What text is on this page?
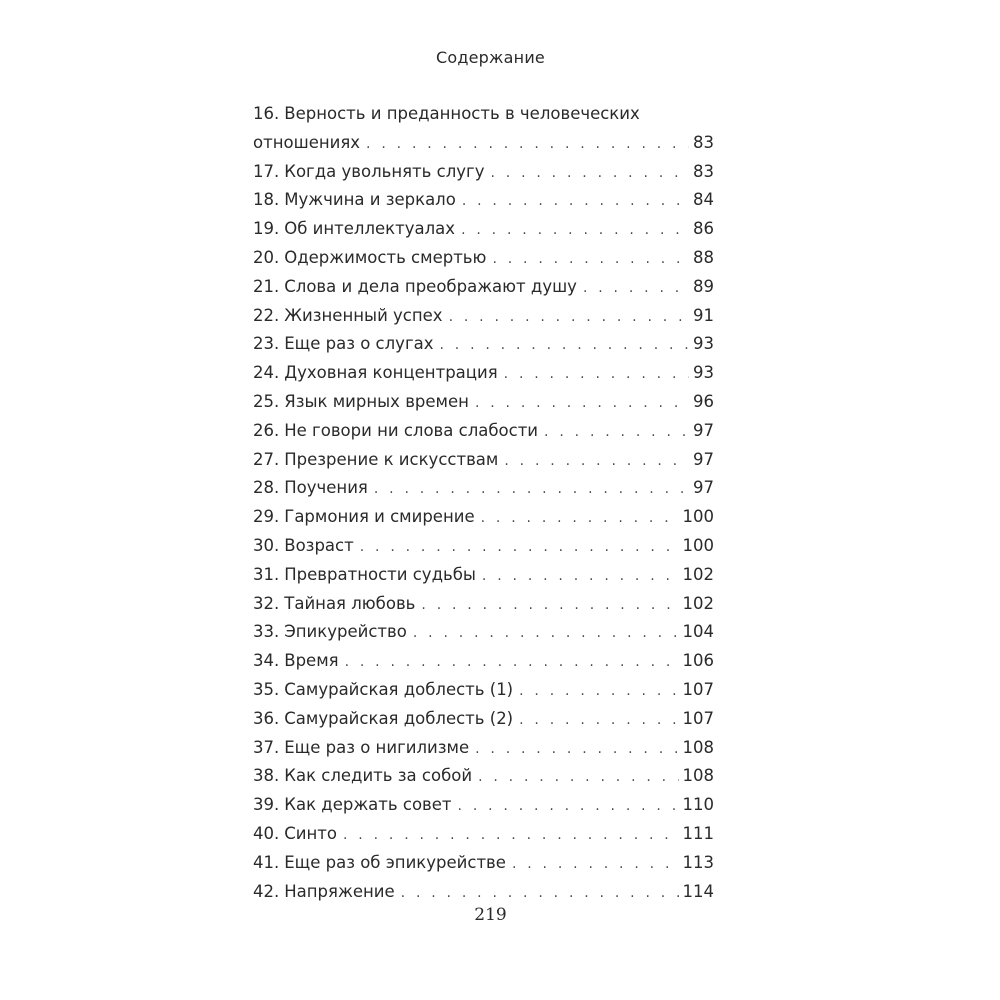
Содержание
16. Верность и преданность в человеческих
отношениях . . .	83
17. Когда увольнять слугу . . .	83
18. Мужчина и зеркало . . .	84
19. Об интеллектуалах . . .	86
20. Одержимость смертью . . .	88
21. Слова и дела преображают душу . . .	89
22. Жизненный успех . . .	91
23. Еще раз о слугах . . .	93
24. Духовная концентрация . . .	93
25. Язык мирных времен . . .	96
26. Не говори ни слова слабости . . .	97
27. Презрение к искусствам . . .	97
28. Поучения . . .	97
29. Гармония и смирение . . .	100
30. Возраст . . .	100
31. Превратности судьбы . . .	102
32. Тайная любовь . . .	102
33. Эпикурейство . . .	104
34. Время . . .	106
35. Самурайская доблесть (1) . . .	107
36. Самурайская доблесть (2) . . .	107
37. Еще раз о нигилизме . . .	108
38. Как следить за собой . . .	108
39. Как держать совет . . .	110
40. Синто . . .	111
41. Еще раз об эпикурействе . . .	113
42. Напряжение . . .	114
219
